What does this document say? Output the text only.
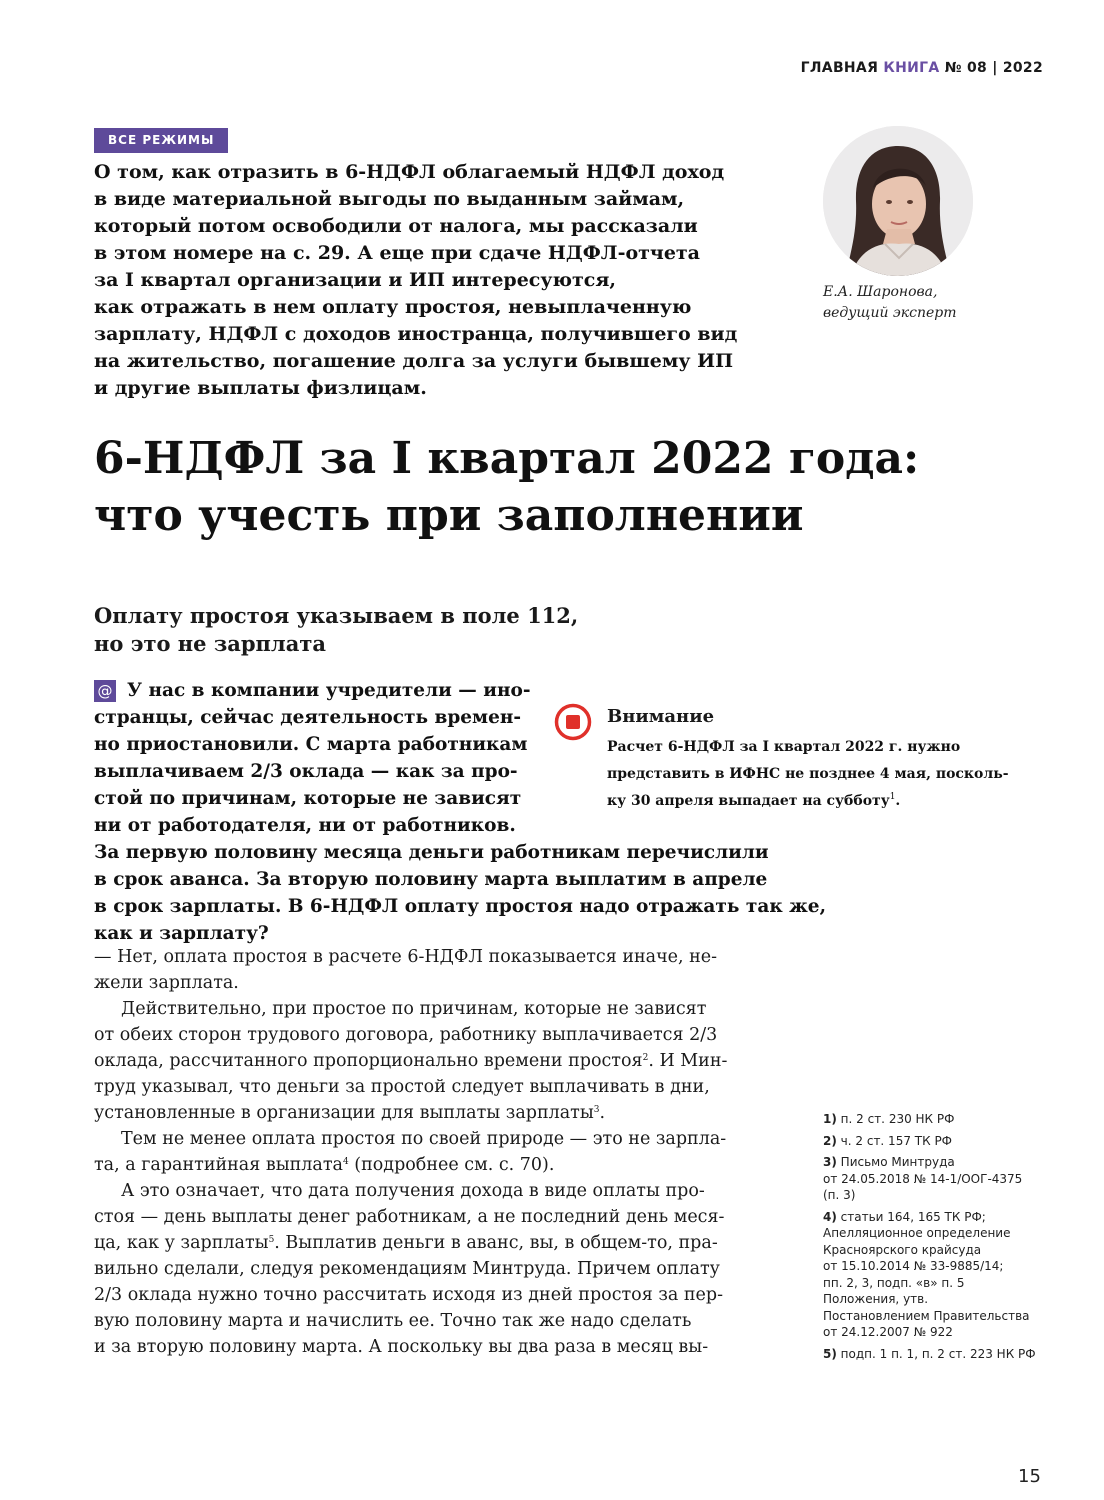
ГЛАВНАЯ КНИГА № 08 | 2022
ВСЕ РЕЖИМЫ
О том, как отразить в 6-НДФЛ облагаемый НДФЛ доход
в виде материальной выгоды по выданным займам,
который потом освободили от налога, мы рассказали
в этом номере на с. 29. А еще при сдаче НДФЛ-отчета
за I квартал организации и ИП интересуются,
как отражать в нем оплату простоя, невыплаченную
зарплату, НДФЛ с доходов иностранца, получившего вид
на жительство, погашение долга за услуги бывшему ИП
и другие выплаты физлицам.
Е.А. Шаронова,
ведущий эксперт
6-НДФЛ за I квартал 2022 года:
что учесть при заполнении
Оплату простоя указываем в поле 112,
но это не зарплата
@ У нас в компании учредители — ино-
странцы, сейчас деятельность времен-
но приостановили. С марта работникам
выплачиваем 2/3 оклада — как за про-
стой по причинам, которые не зависят
ни от работодателя, ни от работников.
За первую половину месяца деньги работникам перечислили
в срок аванса. За вторую половину марта выплатим в апреле
в срок зарплаты. В 6-НДФЛ оплату простоя надо отражать так же,
как и зарплату?
Внимание
Расчет 6-НДФЛ за I квартал 2022 г. нужно
представить в ИФНС не позднее 4 мая, посколь-
ку 30 апреля выпадает на субботу$^1$.
— Нет, оплата простоя в расчете 6-НДФЛ показывается иначе, не-
жели зарплата.
Действительно, при простое по причинам, которые не зависят
от обеих сторон трудового договора, работнику выплачивается 2/3
оклада, рассчитанного пропорционально времени простоя$^2$. И Мин-
труд указывал, что деньги за простой следует выплачивать в дни,
установленные в организации для выплаты зарплаты$^3$.
Тем не менее оплата простоя по своей природе — это не зарпла-
та, а гарантийная выплата$^4$ (подробнее см. с. 70).
А это означает, что дата получения дохода в виде оплаты про-
стоя — день выплаты денег работникам, а не последний день меся-
ца, как у зарплаты$^5$. Выплатив деньги в аванс, вы, в общем-то, пра-
вильно сделали, следуя рекомендациям Минтруда. Причем оплату
2/3 оклада нужно точно рассчитать исходя из дней простоя за пер-
вую половину марта и начислить ее. Точно так же надо сделать
и за вторую половину марта. А поскольку вы два раза в месяц вы-
1) п. 2 ст. 230 НК РФ
2) ч. 2 ст. 157 ТК РФ
3) Письмо Минтруда
от 24.05.2018 № 14-1/ООГ-4375
(п. 3)
4) статьи 164, 165 ТК РФ;
Апелляционное определение
Красноярского крайсуда
от 15.10.2014 № 33-9885/14;
пп. 2, 3, подп. «в» п. 5
Положения, утв.
Постановлением Правительства
от 24.12.2007 № 922
5) подп. 1 п. 1, п. 2 ст. 223 НК РФ
15
